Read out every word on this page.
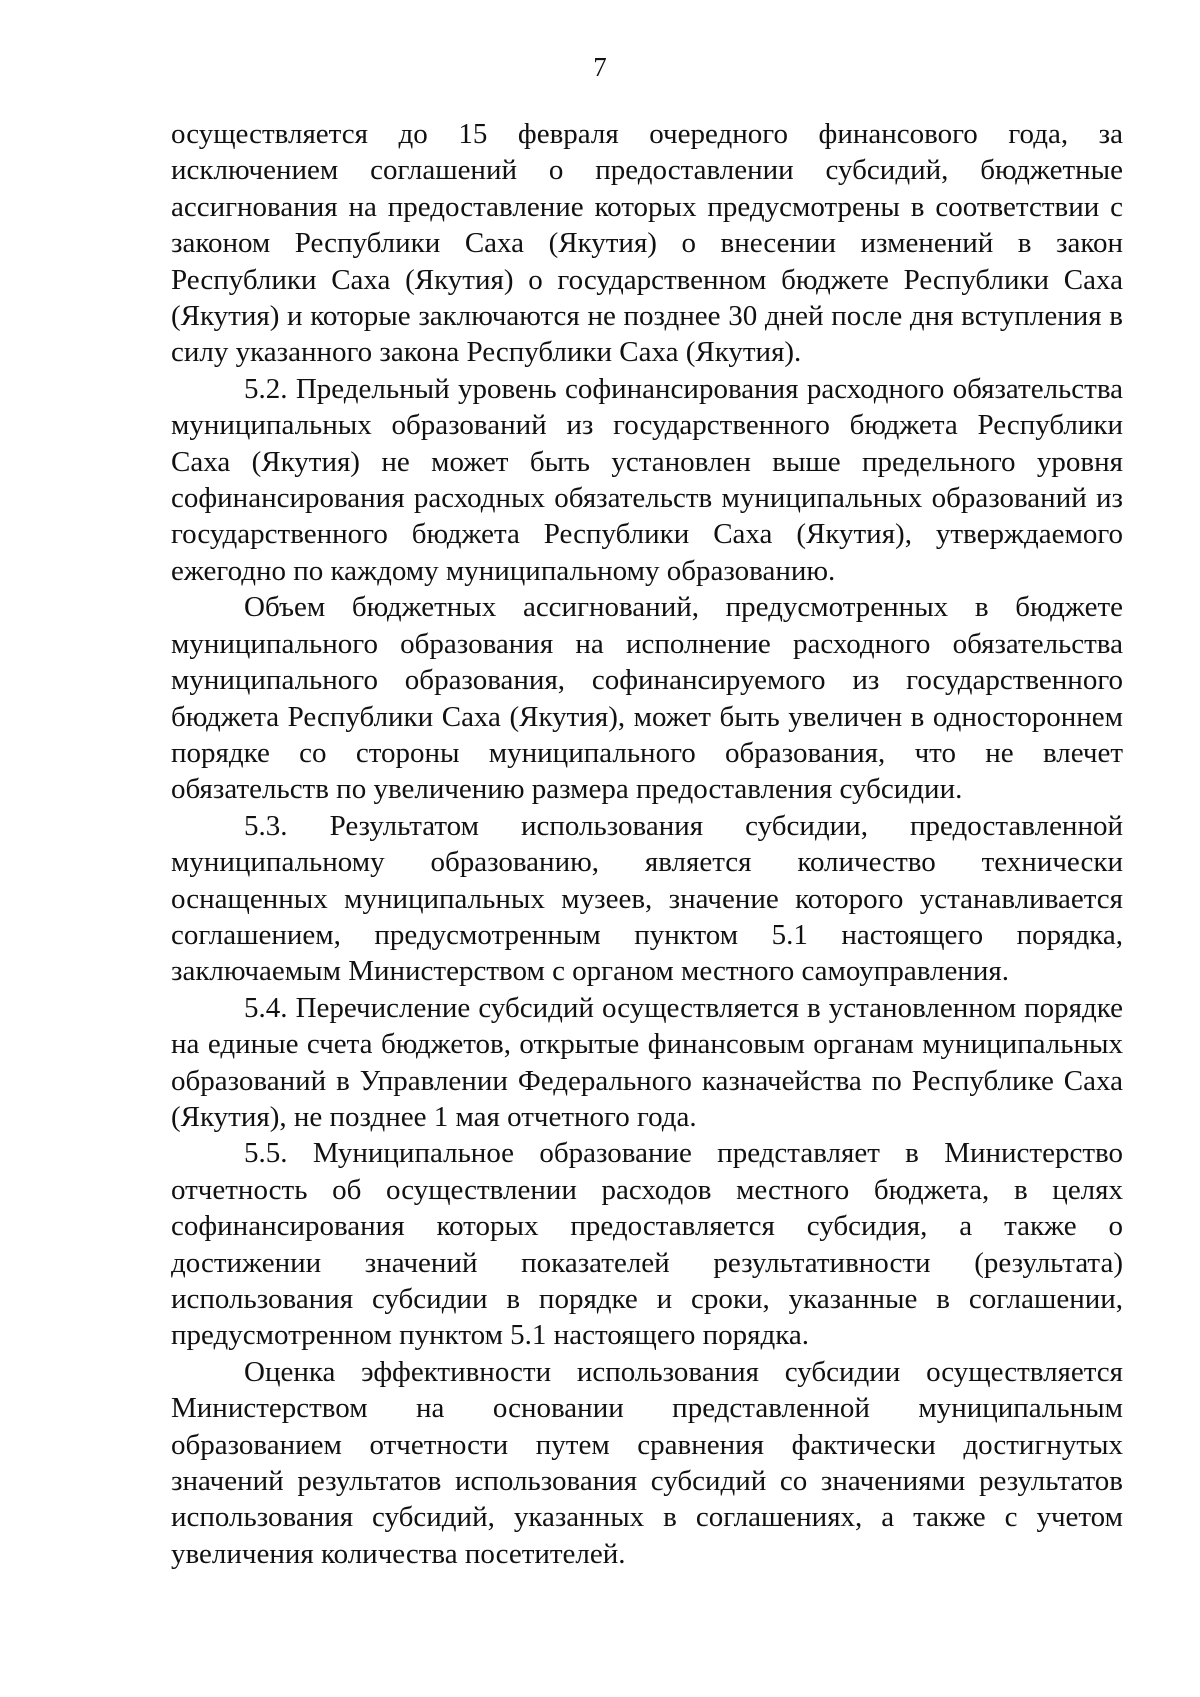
7

осуществляется до 15 февраля очередного финансового года, за исключением соглашений о предоставлении субсидий, бюджетные ассигнования на предоставление которых предусмотрены в соответствии с законом Республики Саха (Якутия) о внесении изменений в закон Республики Саха (Якутия) о государственном бюджете Республики Саха (Якутия) и которые заключаются не позднее 30 дней после дня вступления в силу указанного закона Республики Саха (Якутия).

5.2. Предельный уровень софинансирования расходного обязательства муниципальных образований из государственного бюджета Республики Саха (Якутия) не может быть установлен выше предельного уровня софинансирования расходных обязательств муниципальных образований из государственного бюджета Республики Саха (Якутия), утверждаемого ежегодно по каждому муниципальному образованию.

Объем бюджетных ассигнований, предусмотренных в бюджете муниципального образования на исполнение расходного обязательства муниципального образования, софинансируемого из государственного бюджета Республики Саха (Якутия), может быть увеличен в одностороннем порядке со стороны муниципального образования, что не влечет обязательств по увеличению размера предоставления субсидии.

5.3. Результатом использования субсидии, предоставленной муниципальному образованию, является количество технически оснащенных муниципальных музеев, значение которого устанавливается соглашением, предусмотренным пунктом 5.1 настоящего порядка, заключаемым Министерством с органом местного самоуправления.

5.4. Перечисление субсидий осуществляется в установленном порядке на единые счета бюджетов, открытые финансовым органам муниципальных образований в Управлении Федерального казначейства по Республике Саха (Якутия), не позднее 1 мая отчетного года.

5.5. Муниципальное образование представляет в Министерство отчетность об осуществлении расходов местного бюджета, в целях софинансирования которых предоставляется субсидия, а также о достижении значений показателей результативности (результата) использования субсидии в порядке и сроки, указанные в соглашении, предусмотренном пунктом 5.1 настоящего порядка.

Оценка эффективности использования субсидии осуществляется Министерством на основании представленной муниципальным образованием отчетности путем сравнения фактически достигнутых значений результатов использования субсидий со значениями результатов использования субсидий, указанных в соглашениях, а также с учетом увеличения количества посетителей.
